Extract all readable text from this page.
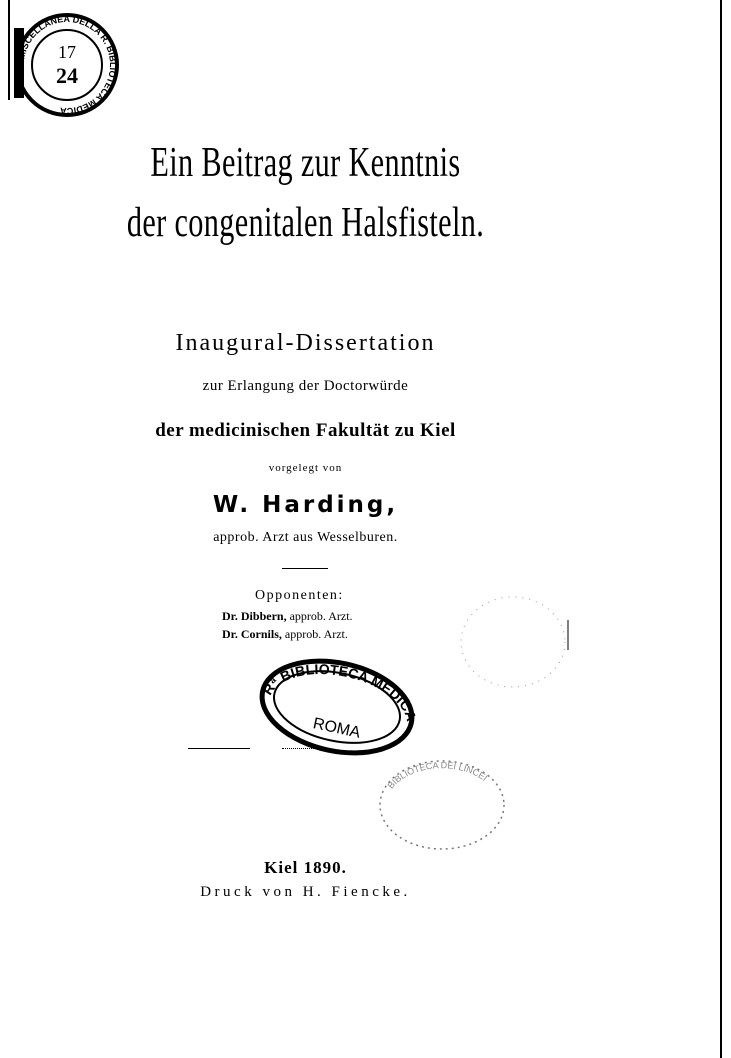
MISCELLANEA DELLA R. BIBLIOTECA MEDICA
17
24
Ein Beitrag zur Kenntnis
der congenitalen Halsfisteln.
Inaugural-Dissertation
zur Erlangung der Doctorwürde
der medicinischen Fakultät zu Kiel
vorgelegt von
W. Harding,
approb. Arzt aus Wesselburen.
Opponenten:
Dr. Dibbern, approb. Arzt.
Dr. Cornils, approb. Arzt.
Rª BIBLIOTECA MEDICA
ROMA
BIBLIOTECA DEI LINCEI
Kiel 1890.
Druck von H. Fiencke.
